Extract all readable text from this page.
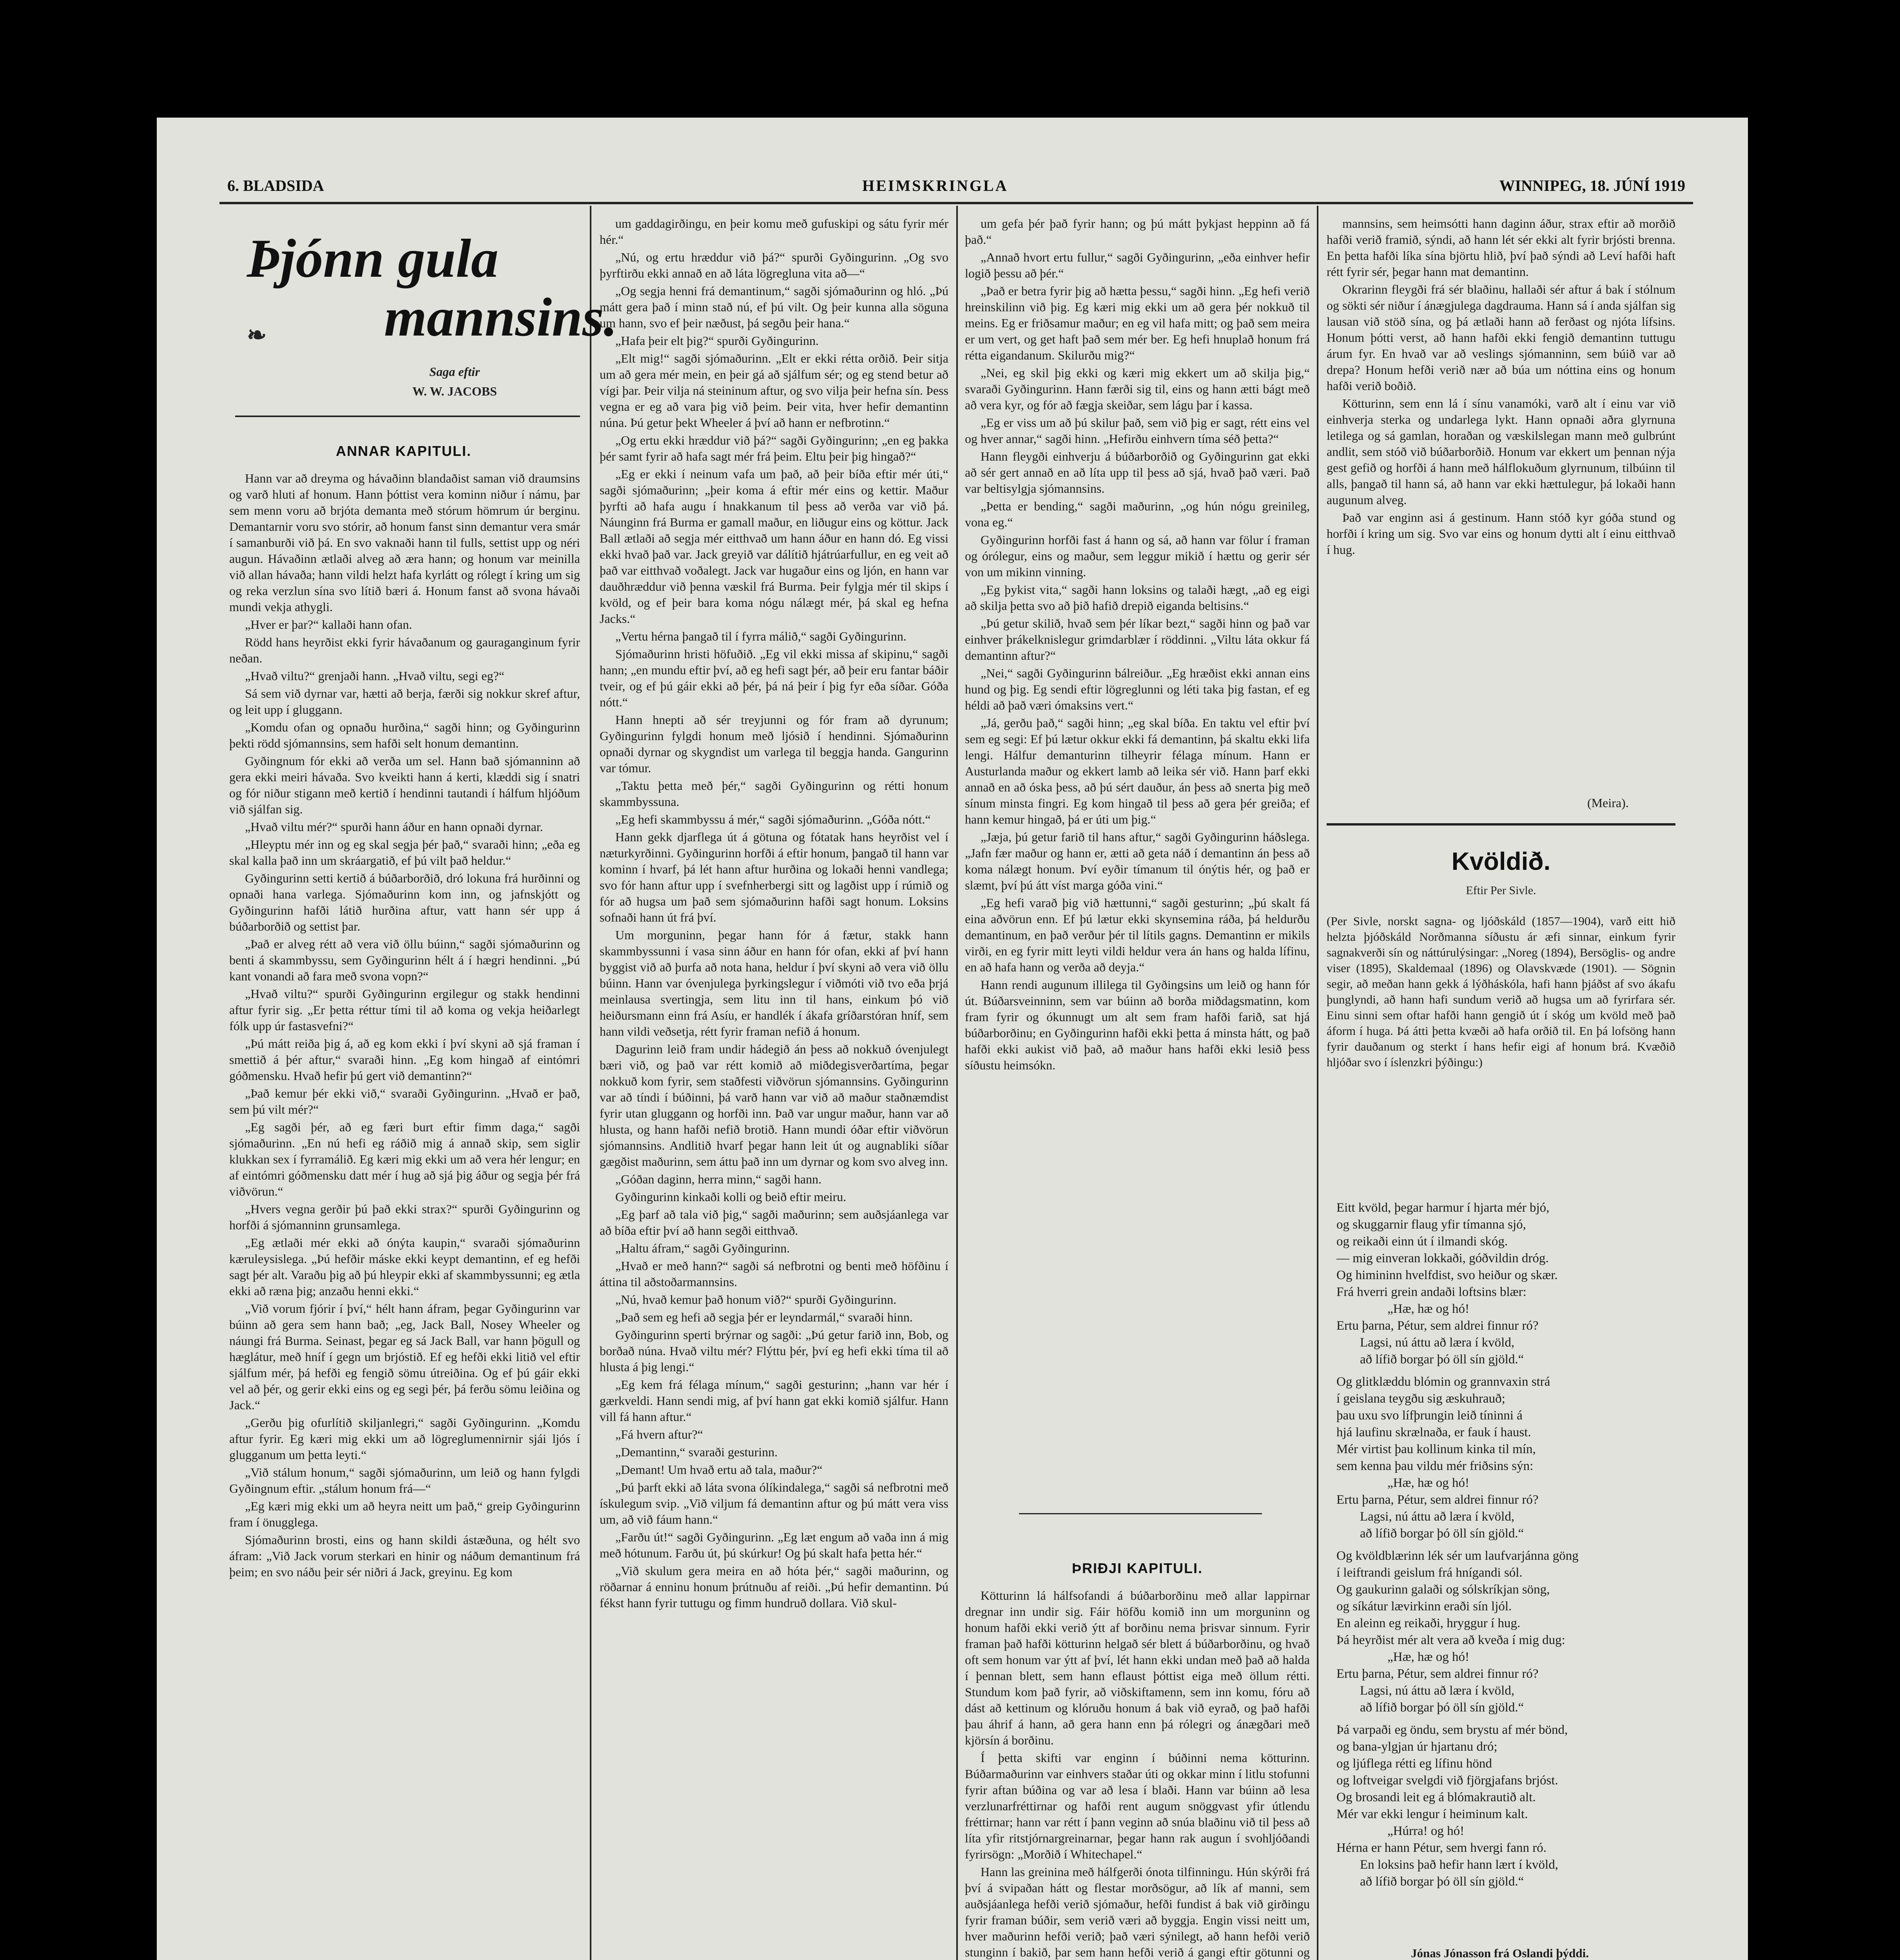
6. BLADSIDA	HEIMSKRINGLA	WINNIPEG, 18. JÚNÍ 1919
Þjónn gula
mannsins.
❧
Saga eftir
W. W. JACOBS
ANNAR KAPITULI.

Hann var að dreyma og hávaðinn blandaðist saman við draumsins og varð hluti af honum. Hann þóttist vera kominn niður í námu, þar sem menn voru að brjóta demanta með stórum hömrum úr berginu. Demantarnir voru svo stórir, að honum fanst sinn demantur vera smár í samanburði við þá. En svo vaknaði hann til fulls, settist upp og néri augun. Hávaðinn ætlaði alveg að æra hann; og honum var meinilla við allan hávaða; hann vildi helzt hafa kyrlátt og rólegt í kring um sig og reka verzlun sína svo lítið bæri á. Honum fanst að svona hávaði mundi vekja athygli.

„Hver er þar?“ kallaði hann ofan.

Rödd hans heyrðist ekki fyrir hávaðanum og gauraganginum fyrir neðan.

„Hvað viltu?“ grenjaði hann. „Hvað viltu, segi eg?“

Sá sem við dyrnar var, hætti að berja, færði sig nokkur skref aftur, og leit upp í gluggann.

„Komdu ofan og opnaðu hurðina,“ sagði hinn; og Gyðingurinn þekti rödd sjómannsins, sem hafði selt honum demantinn.

Gyðingnum fór ekki að verða um sel. Hann bað sjómanninn að gera ekki meiri hávaða. Svo kveikti hann á kerti, klæddi sig í snatri og fór niður stigann með kertið í hendinni tautandi í hálfum hljóðum við sjálfan sig.

„Hvað viltu mér?“ spurði hann áður en hann opnaði dyrnar.

„Hleyptu mér inn og eg skal segja þér það,“ svaraði hinn; „eða eg skal kalla það inn um skráargatið, ef þú vilt það heldur.“

Gyðingurinn setti kertið á búðarborðið, dró lokuna frá hurðinni og opnaði hana varlega. Sjómaðurinn kom inn, og jafnskjótt og Gyðingurinn hafði látið hurðina aftur, vatt hann sér upp á búðarborðið og settist þar.

„Það er alveg rétt að vera við öllu búinn,“ sagði sjómaðurinn og benti á skammbyssu, sem Gyðingurinn hélt á í hægri hendinni. „Þú kant vonandi að fara með svona vopn?“

„Hvað viltu?“ spurði Gyðingurinn ergilegur og stakk hendinni aftur fyrir sig. „Er þetta réttur tími til að koma og vekja heiðarlegt fólk upp úr fastasvefni?“

„Þú mátt reiða þig á, að eg kom ekki í því skyni að sjá framan í smettið á þér aftur,“ svaraði hinn. „Eg kom hingað af eintómri góðmensku. Hvað hefir þú gert við demantinn?“

„Það kemur þér ekki við,“ svaraði Gyðingurinn. „Hvað er það, sem þú vilt mér?“

„Eg sagði þér, að eg færi burt eftir fimm daga,“ sagði sjómaðurinn. „En nú hefi eg ráðið mig á annað skip, sem siglir klukkan sex í fyrramálið. Eg kæri mig ekki um að vera hér lengur; en af eintómri góðmensku datt mér í hug að sjá þig áður og segja þér frá viðvörun.“

„Hvers vegna gerðir þú það ekki strax?“ spurði Gyðingurinn og horfði á sjómanninn grunsamlega.

„Eg ætlaði mér ekki að ónýta kaupin,“ svaraði sjómaðurinn kæruleysislega. „Þú hefðir máske ekki keypt demantinn, ef eg hefði sagt þér alt. Varaðu þig að þú hleypir ekki af skammbyssunni; eg ætla ekki að ræna þig; anzaðu henni ekki.“

„Við vorum fjórir í því,“ hélt hann áfram, þegar Gyðingurinn var búinn að gera sem hann bað; „eg, Jack Ball, Nosey Wheeler og náungi frá Burma. Seinast, þegar eg sá Jack Ball, var hann þögull og hæglátur, með hníf í gegn um brjóstið. Ef eg hefði ekki litið vel eftir sjálfum mér, þá hefði eg fengið sömu útreiðina. Og ef þú gáir ekki vel að þér, og gerir ekki eins og eg segi þér, þá ferðu sömu leiðina og Jack.“

„Gerðu þig ofurlítið skiljanlegri,“ sagði Gyðingurinn. „Komdu aftur fyrir. Eg kæri mig ekki um að lögreglumennirnir sjái ljós í glugganum um þetta leyti.“

„Við stálum honum,“ sagði sjómaðurinn, um leið og hann fylgdi Gyðingnum eftir. „stálum honum frá—“

„Eg kæri mig ekki um að heyra neitt um það,“ greip Gyðingurinn fram í önugglega.

Sjómaðurinn brosti, eins og hann skildi ástæðuna, og hélt svo áfram: „Við Jack vorum sterkari en hinir og náðum demantinum frá þeim; en svo náðu þeir sér niðri á Jack, greyinu. Eg kom

um gaddagirðingu, en þeir komu með gufuskipi og sátu fyrir mér hér.“

„Nú, og ertu hræddur við þá?“ spurði Gyðingurinn. „Og svo þyrftirðu ekki annað en að láta lögregluna vita að—“

„Og segja henni frá demantinum,“ sagði sjómaðurinn og hló. „Þú mátt gera það í minn stað nú, ef þú vilt. Og þeir kunna alla söguna um hann, svo ef þeir næðust, þá segðu þeir hana.“

„Hafa þeir elt þig?“ spurði Gyðingurinn.

„Elt mig!“ sagði sjómaðurinn. „Elt er ekki rétta orðið. Þeir sitja um að gera mér mein, en þeir gá að sjálfum sér; og eg stend betur að vígi þar. Þeir vilja ná steininum aftur, og svo vilja þeir hefna sín. Þess vegna er eg að vara þig við þeim. Þeir vita, hver hefir demantinn núna. Þú getur þekt Wheeler á því að hann er nefbrotinn.“

„Og ertu ekki hræddur við þá?“ sagði Gyðingurinn; „en eg þakka þér samt fyrir að hafa sagt mér frá þeim. Eltu þeir þig hingað?“

„Eg er ekki í neinum vafa um það, að þeir bíða eftir mér úti,“ sagði sjómaðurinn; „þeir koma á eftir mér eins og kettir. Maður þyrfti að hafa augu í hnakkanum til þess að verða var við þá. Náunginn frá Burma er gamall maður, en liðugur eins og köttur. Jack Ball ætlaði að segja mér eitthvað um hann áður en hann dó. Eg vissi ekki hvað það var. Jack greyið var dálítið hjátrúarfullur, en eg veit að það var eitthvað voðalegt. Jack var hugaður eins og ljón, en hann var dauðhræddur við þenna væskil frá Burma. Þeir fylgja mér til skips í kvöld, og ef þeir bara koma nógu nálægt mér, þá skal eg hefna Jacks.“

„Vertu hérna þangað til í fyrra málið,“ sagði Gyðingurinn.

Sjómaðurinn hristi höfuðið. „Eg vil ekki missa af skipinu,“ sagði hann; „en mundu eftir því, að eg hefi sagt þér, að þeir eru fantar báðir tveir, og ef þú gáir ekki að þér, þá ná þeir í þig fyr eða síðar. Góða nótt.“

Hann hnepti að sér treyjunni og fór fram að dyrunum; Gyðingurinn fylgdi honum með ljósið í hendinni. Sjómaðurinn opnaði dyrnar og skygndist um varlega til beggja handa. Gangurinn var tómur.

„Taktu þetta með þér,“ sagði Gyðingurinn og rétti honum skammbyssuna.

„Eg hefi skammbyssu á mér,“ sagði sjómaðurinn. „Góða nótt.“

Hann gekk djarflega út á götuna og fótatak hans heyrðist vel í næturkyrðinni. Gyðingurinn horfði á eftir honum, þangað til hann var kominn í hvarf, þá lét hann aftur hurðina og lokaði henni vandlega; svo fór hann aftur upp í svefnherbergi sitt og lagðist upp í rúmið og fór að hugsa um það sem sjómaðurinn hafði sagt honum. Loksins sofnaði hann út frá því.

Um morguninn, þegar hann fór á fætur, stakk hann skammbyssunni í vasa sinn áður en hann fór ofan, ekki af því hann byggist við að þurfa að nota hana, heldur í því skyni að vera við öllu búinn. Hann var óvenjulega þyrkingslegur í viðmóti við tvo eða þrjá meinlausa svertingja, sem litu inn til hans, einkum þó við heiðursmann einn frá Asíu, er handlék í ákafa gríðarstóran hníf, sem hann vildi veðsetja, rétt fyrir framan nefið á honum.

Dagurinn leið fram undir hádegið án þess að nokkuð óvenjulegt bæri við, og það var rétt komið að miðdegisverðartíma, þegar nokkuð kom fyrir, sem staðfesti viðvörun sjómannsins. Gyðingurinn var að tíndi í búðinni, þá varð hann var við að maður staðnæmdist fyrir utan gluggann og horfði inn. Það var ungur maður, hann var að hlusta, og hann hafði nefið brotið. Hann mundi óðar eftir viðvörun sjómannsins. Andlitið hvarf þegar hann leit út og augnabliki síðar gægðist maðurinn, sem áttu það inn um dyrnar og kom svo alveg inn.

„Góðan daginn, herra minn,“ sagði hann.

Gyðingurinn kinkaði kolli og beið eftir meiru.

„Eg þarf að tala við þig,“ sagði maðurinn; sem auðsjáanlega var að bíða eftir því að hann segði eitthvað.

„Haltu áfram,“ sagði Gyðingurinn.

„Hvað er með hann?“ sagði sá nefbrotni og benti með höfðinu í áttina til aðstoðarmannsins.

„Nú, hvað kemur það honum við?“ spurði Gyðingurinn.

„Það sem eg hefi að segja þér er leyndarmál,“ svaraði hinn.

Gyðingurinn sperti brýrnar og sagði: „Þú getur farið inn, Bob, og borðað núna. Hvað viltu mér? Flýttu þér, því eg hefi ekki tíma til að hlusta á þig lengi.“

„Eg kem frá félaga mínum,“ sagði gesturinn; „hann var hér í gærkveldi. Hann sendi mig, af því hann gat ekki komið sjálfur. Hann vill fá hann aftur.“

„Fá hvern aftur?“

„Demantinn,“ svaraði gesturinn.

„Demant! Um hvað ertu að tala, maður?“

„Þú þarft ekki að láta svona ólíkindalega,“ sagði sá nefbrotni með ískulegum svip. „Við viljum fá demantinn aftur og þú mátt vera viss um, að við fáum hann.“

„Farðu út!“ sagði Gyðingurinn. „Eg læt engum að vaða inn á mig með hótunum. Farðu út, þú skúrkur! Og þú skalt hafa þetta hér.“

„Við skulum gera meira en að hóta þér,“ sagði maðurinn, og röðarnar á enninu honum þrútnuðu af reiði. „Þú hefir demantinn. Þú fékst hann fyrir tuttugu og fimm hundruð dollara. Við skul-

um gefa þér það fyrir hann; og þú mátt þykjast heppinn að fá það.“

„Annað hvort ertu fullur,“ sagði Gyðingurinn, „eða einhver hefir logið þessu að þér.“

„Það er betra fyrir þig að hætta þessu,“ sagði hinn. „Eg hefi verið hreinskilinn við þig. Eg kæri mig ekki um að gera þér nokkuð til meins. Eg er friðsamur maður; en eg vil hafa mitt; og það sem meira er um vert, og get haft það sem mér ber. Eg hefi hnuplað honum frá rétta eigandanum. Skilurðu mig?“

„Nei, eg skil þig ekki og kæri mig ekkert um að skilja þig,“ svaraði Gyðingurinn. Hann færði sig til, eins og hann ætti bágt með að vera kyr, og fór að fægja skeiðar, sem lágu þar í kassa.

„Eg er viss um að þú skilur það, sem við þig er sagt, rétt eins vel og hver annar,“ sagði hinn. „Hefirðu einhvern tíma séð þetta?“

Hann fleygði einhverju á búðarborðið og Gyðingurinn gat ekki að sér gert annað en að líta upp til þess að sjá, hvað það væri. Það var beltisylgja sjómannsins.

„Þetta er bending,“ sagði maðurinn, „og hún nógu greinileg, vona eg.“

Gyðingurinn horfði fast á hann og sá, að hann var fölur í framan og órólegur, eins og maður, sem leggur mikið í hættu og gerir sér von um mikinn vinning.

„Eg þykist vita,“ sagði hann loksins og talaði hægt, „að eg eigi að skilja þetta svo að þið hafið drepið eiganda beltisins.“

„Þú getur skilið, hvað sem þér líkar bezt,“ sagði hinn og það var einhver þrákelknislegur grimdarblær í röddinni. „Viltu láta okkur fá demantinn aftur?“

„Nei,“ sagði Gyðingurinn bálreiður. „Eg hræðist ekki annan eins hund og þig. Eg sendi eftir lögreglunni og léti taka þig fastan, ef eg héldi að það væri ómaksins vert.“

„Já, gerðu það,“ sagði hinn; „eg skal bíða. En taktu vel eftir því sem eg segi: Ef þú lætur okkur ekki fá demantinn, þá skaltu ekki lifa lengi. Hálfur demanturinn tilheyrir félaga mínum. Hann er Austurlanda maður og ekkert lamb að leika sér við. Hann þarf ekki annað en að óska þess, að þú sért dauður, án þess að snerta þig með sínum minsta fingri. Eg kom hingað til þess að gera þér greiða; ef hann kemur hingað, þá er úti um þig.“

„Jæja, þú getur farið til hans aftur,“ sagði Gyðingurinn háðslega. „Jafn fær maður og hann er, ætti að geta náð í demantinn án þess að koma nálægt honum. Því eyðir tímanum til ónýtis hér, og það er slæmt, því þú átt víst marga góða vini.“

„Eg hefi varað þig við hættunni,“ sagði gesturinn; „þú skalt fá eina aðvörun enn. Ef þú lætur ekki skynsemina ráða, þá heldurðu demantinum, en það verður þér til lítils gagns. Demantinn er mikils virði, en eg fyrir mitt leyti vildi heldur vera án hans og halda lífinu, en að hafa hann og verða að deyja.“

Hann rendi augunum illilega til Gyðingsins um leið og hann fór út. Búðarsveinninn, sem var búinn að borða miðdagsmatinn, kom fram fyrir og ókunnugt um alt sem fram hafði farið, sat hjá búðarborðinu; en Gyðingurinn hafði ekki þetta á minsta hátt, og það hafði ekki aukist við það, að maður hans hafði ekki lesið þess síðustu heimsókn.

ÞRIÐJI KAPITULI.

Kötturinn lá hálfsofandi á búðarborðinu með allar lappirnar dregnar inn undir sig. Fáir höfðu komið inn um morguninn og honum hafði ekki verið ýtt af borðinu nema þrisvar sinnum. Fyrir framan það hafði kötturinn helgað sér blett á búðarborðinu, og hvað oft sem honum var ýtt af því, lét hann ekki undan með það að halda í þennan blett, sem hann eflaust þóttist eiga með öllum rétti. Stundum kom það fyrir, að viðskiftamenn, sem inn komu, fóru að dást að kettinum og klóruðu honum á bak við eyrað, og það hafði þau áhrif á hann, að gera hann enn þá rólegri og ánægðari með kjörsín á borðinu.

Í þetta skifti var enginn í búðinni nema kötturinn. Búðarmaðurinn var einhvers staðar úti og okkar minn í litlu stofunni fyrir aftan búðina og var að lesa í blaði. Hann var búinn að lesa verzlunarfréttirnar og hafði rent augum snöggvast yfir útlendu fréttirnar; hann var rétt í þann veginn að snúa blaðinu við til þess að líta yfir ritstjórnargreinarnar, þegar hann rak augun í svohljóðandi fyrirsögn: „Morðið í Whitechapel.“

Hann las greinina með hálfgerði ónota tilfinningu. Hún skýrði frá því á svipaðan hátt og flestar morðsögur, að lík af manni, sem auðsjáanlega hefði verið sjómaður, hefði fundist á bak við girðingu fyrir framan búðir, sem verið væri að byggja. Engin vissi neitt um, hver maðurinn hefði verið; það væri sýnilegt, að hann hefði verið stunginn í bakið, þar sem hann hefði verið á gangi eftir götunni og

mannsins, sem heimsótti hann daginn áður, strax eftir að morðið hafði verið framið, sýndi, að hann lét sér ekki alt fyrir brjósti brenna. En þetta hafði líka sína björtu hlið, því það sýndi að Leví hafði haft rétt fyrir sér, þegar hann mat demantinn.

Okrarinn fleygði frá sér blaðinu, hallaði sér aftur á bak í stólnum og sökti sér niður í ánægjulega dagdrauma. Hann sá í anda sjálfan sig lausan við stöð sína, og þá ætlaði hann að ferðast og njóta lífsins. Honum þótti verst, að hann hafði ekki fengið demantinn tuttugu árum fyr. En hvað var að veslings sjómanninn, sem búið var að drepa? Honum hefði verið nær að búa um nóttina eins og honum hafði verið boðið.

Kötturinn, sem enn lá í sínu vanamóki, varð alt í einu var við einhverja sterka og undarlega lykt. Hann opnaði aðra glyrnuna letilega og sá gamlan, horaðan og væskilslegan mann með gulbrúnt andlit, sem stóð við búðarborðið. Honum var ekkert um þennan nýja gest gefið og horfði á hann með hálflokuðum glyrnunum, tilbúinn til alls, þangað til hann sá, að hann var ekki hættulegur, þá lokaði hann augunum alveg.

Það var enginn asi á gestinum. Hann stóð kyr góða stund og horfði í kring um sig. Svo var eins og honum dytti alt í einu eitthvað í hug.

(Meira).
Kvöldið.
Eftir Per Sivle.
(Per Sivle, norskt sagna- og ljóðskáld (1857—1904), varð eitt hið helzta þjóðskáld Norðmanna síðustu ár æfi sinnar, einkum fyrir sagnakverði sín og náttúrulýsingar: „Noreg (1894), Bersöglis- og andre viser (1895), Skaldemaal (1896) og Olavskvæde (1901). — Sögnin segir, að meðan hann gekk á lýðháskóla, hafi hann þjáðst af svo ákafu þunglyndi, að hann hafi sundum verið að hugsa um að fyrirfara sér. Einu sinni sem oftar hafði hann gengið út í skóg um kvöld með það áform í huga. Þá átti þetta kvæði að hafa orðið til. En þá lofsöng hann fyrir dauðanum og sterkt í hans hefir eigi af honum brá. Kvæðið hljóðar svo í íslenzkri þýðingu:)
Eitt kvöld, þegar harmur í hjarta mér bjó,
og skuggarnir flaug yfir tímanna sjó,
og reikaði einn út í ilmandi skóg.
— mig einveran lokkaði, góðvildin dróg.
Og himininn hvelfdist, svo heiður og skær.
Frá hverri grein andaði loftsins blær:
„Hæ, hæ og hó!
Ertu þarna, Pétur, sem aldrei finnur ró?
Lagsi, nú áttu að læra í kvöld,
að lífið borgar þó öll sín gjöld.“
Og glitklæddu blómin og grannvaxin strá
í geislana teygðu sig æskuhrauð;
þau uxu svo lífþrungin leið tíninni á
hjá laufinu skrælnaða, er fauk í haust.
Mér virtist þau kollinum kinka til mín,
sem kenna þau vildu mér friðsins sýn:
„Hæ, hæ og hó!
Ertu þarna, Pétur, sem aldrei finnur ró?
Lagsi, nú áttu að læra í kvöld,
að lífið borgar þó öll sín gjöld.“
Og kvöldblærinn lék sér um laufvarjánna göng
í leiftrandi geislum frá hnígandi sól.
Og gaukurinn galaði og sólskríkjan söng,
og síkátur lævirkinn eraði sín ljól.
En aleinn eg reikaði, hryggur í hug.
Þá heyrðist mér alt vera að kveða í mig dug:
„Hæ, hæ og hó!
Ertu þarna, Pétur, sem aldrei finnur ró?
Lagsi, nú áttu að læra í kvöld,
að lífið borgar þó öll sín gjöld.“
Þá varpaði eg öndu, sem brystu af mér bönd,
og bana-ylgjan úr hjartanu dró;
og ljúflega rétti eg lífinu hönd
og loftveigar svelgdi við fjörgjafans brjóst.
Og brosandi leit eg á blómakrautið alt.
Mér var ekki lengur í heiminum kalt.
„Húrra! og hó!
Hérna er hann Pétur, sem hvergi fann ró.
En loksins það hefir hann lært í kvöld,
að lífið borgar þó öll sín gjöld.“
Jónas Jónasson frá Oslandi þýddi.
